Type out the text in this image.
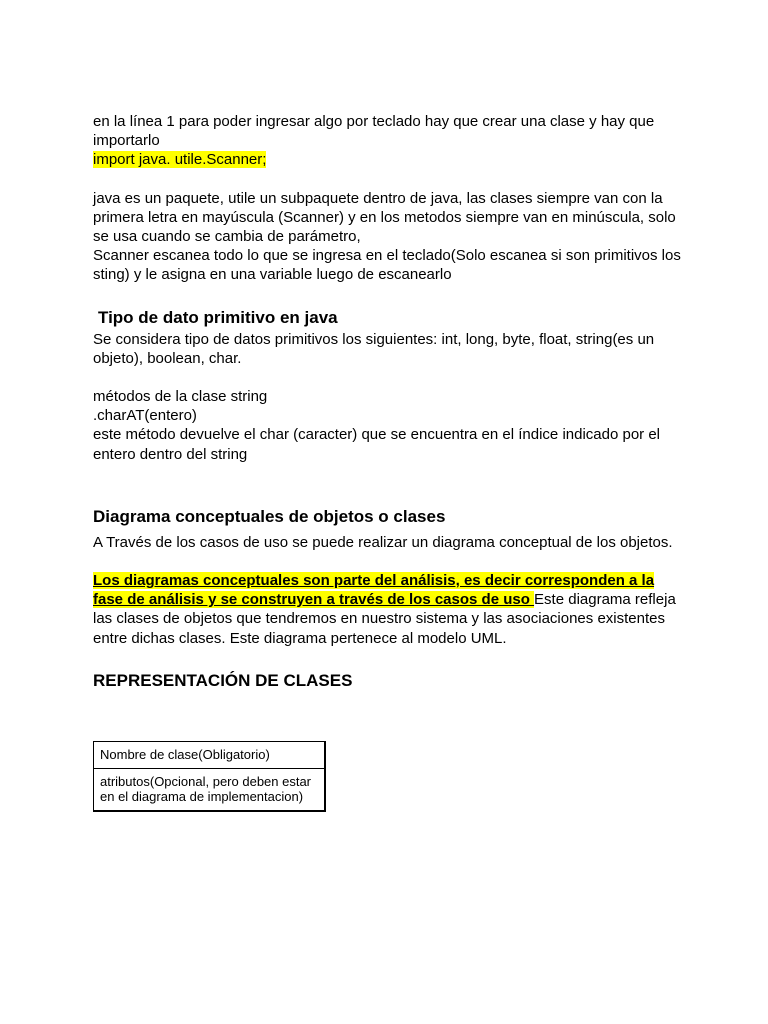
en la línea 1 para poder ingresar algo por teclado hay que crear una clase y hay que importarlo

import java. utile.Scanner;

java es un paquete, utile un subpaquete dentro de java, las clases siempre van con la primera letra en mayúscula (Scanner) y en los metodos siempre van en minúscula, solo se usa cuando se cambia de parámetro,

Scanner escanea todo lo que se ingresa en el teclado(Solo escanea si son primitivos los sting) y le asigna en una variable luego de escanearlo

Tipo de dato primitivo en java

Se considera tipo de datos primitivos los siguientes: int, long, byte, float, string(es un objeto), boolean, char.

métodos de la clase string

.charAT(entero)

este método devuelve el char (caracter) que se encuentra en el índice indicado por el entero dentro del string

Diagrama conceptuales de objetos o clases

A Través de los casos de uso se puede realizar un diagrama conceptual de los objetos.

Los diagramas conceptuales son parte del análisis, es decir corresponden a la fase de análisis y se construyen a través de los casos de uso Este diagrama refleja las clases de objetos que tendremos en nuestro sistema y las asociaciones existentes entre dichas clases. Este diagrama pertenece al modelo UML.

REPRESENTACIÓN DE CLASES

Nombre de clase(Obligatorio)
atributos(Opcional, pero deben estar en el diagrama de implementacion)
